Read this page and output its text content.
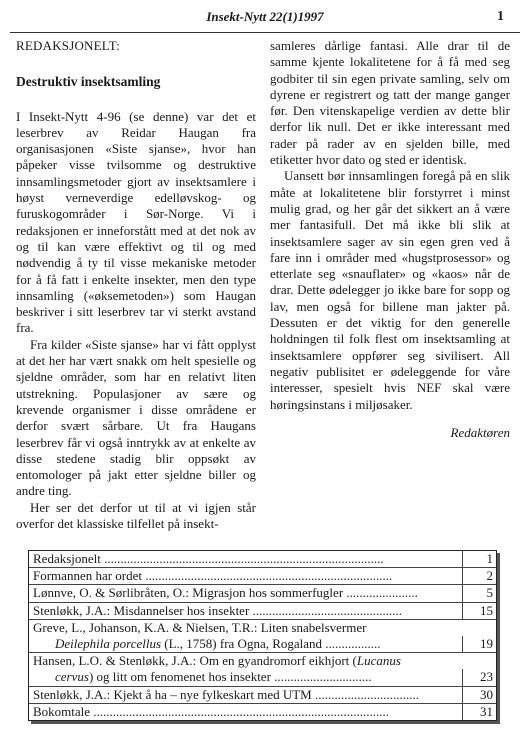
Insekt-Nytt 22(1)1997	1

REDAKSJONELT:

Destruktiv insektsamling

I Insekt-Nytt 4-96 (se denne) var det et leserbrev av Reidar Haugan fra organisasjonen «Siste sjanse», hvor han påpeker visse tvilsomme og destruktive innsamlingsmetoder gjort av insektsamlere i høyst verneverdige edelløvskog- og furuskogområder i Sør-Norge. Vi i redaksjonen er inneforstått med at det nok av og til kan være effektivt og til og med nødvendig å ty til visse mekaniske metoder for å få fatt i enkelte insekter, men den type innsamling («øksemetoden») som Haugan beskriver i sitt leserbrev tar vi sterkt avstand fra.

Fra kilder «Siste sjanse» har vi fått opplyst at det her har vært snakk om helt spesielle og sjeldne områder, som har en relativt liten utstrekning. Populasjoner av sære og krevende organismer i disse områdene er derfor svært sårbare. Ut fra Haugans leserbrev får vi også inntrykk av at enkelte av disse stedene stadig blir oppsøkt av entomologer på jakt etter sjeldne biller og andre ting.

Her ser det derfor ut til at vi igjen står overfor det klassiske tilfellet på insekt-

samleres dårlige fantasi. Alle drar til de samme kjente lokalitetene for å få med seg godbiter til sin egen private samling, selv om dyrene er registrert og tatt der mange ganger før. Den vitenskapelige verdien av dette blir derfor lik null. Det er ikke interessant med rader på rader av en sjelden bille, med etiketter hvor dato og sted er identisk.

Uansett bør innsamlingen foregå på en slik måte at lokalitetene blir forstyrret i minst mulig grad, og her går det sikkert an å være mer fantasifull. Det må ikke bli slik at insektsamlere sager av sin egen gren ved å fare inn i områder med «hugstprosessor» og etterlate seg «snauflater» og «kaos» når de drar. Dette ødelegger jo ikke bare for sopp og lav, men også for billene man jakter på. Dessuten er det viktig for den generelle holdningen til folk flest om insektsamling at insektsamlere oppfører seg sivilisert. All negativ publisitet er ødeleggende for våre interesser, spesielt hvis NEF skal være høringsinstans i miljøsaker.

Redaktøren

Redaksjonelt ......................................................................................	1
Formannen har ordet ............................................................................	2
Lønnve, O. & Sørlibråten, O.: Migrasjon hos sommerfugler ......................	5
Stenløkk, J.A.: Misdannelser hos insekter ..............................................	15
Greve, L., Johanson, K.A. & Nielsen, T.R.: Liten snabelsvermer
Deilephila porcellus (L., 1758) fra Ogna, Rogaland .................	19
Hansen, L.O. & Stenløkk, J.A.: Om en gyandromorf eikhjort (Lucanus
cervus) og litt om fenomenet hos insekter ..............................	23
Stenløkk, J.A.: Kjekt å ha – nye fylkeskart med UTM ................................	30
Bokomtale ...........................................................................................	31
